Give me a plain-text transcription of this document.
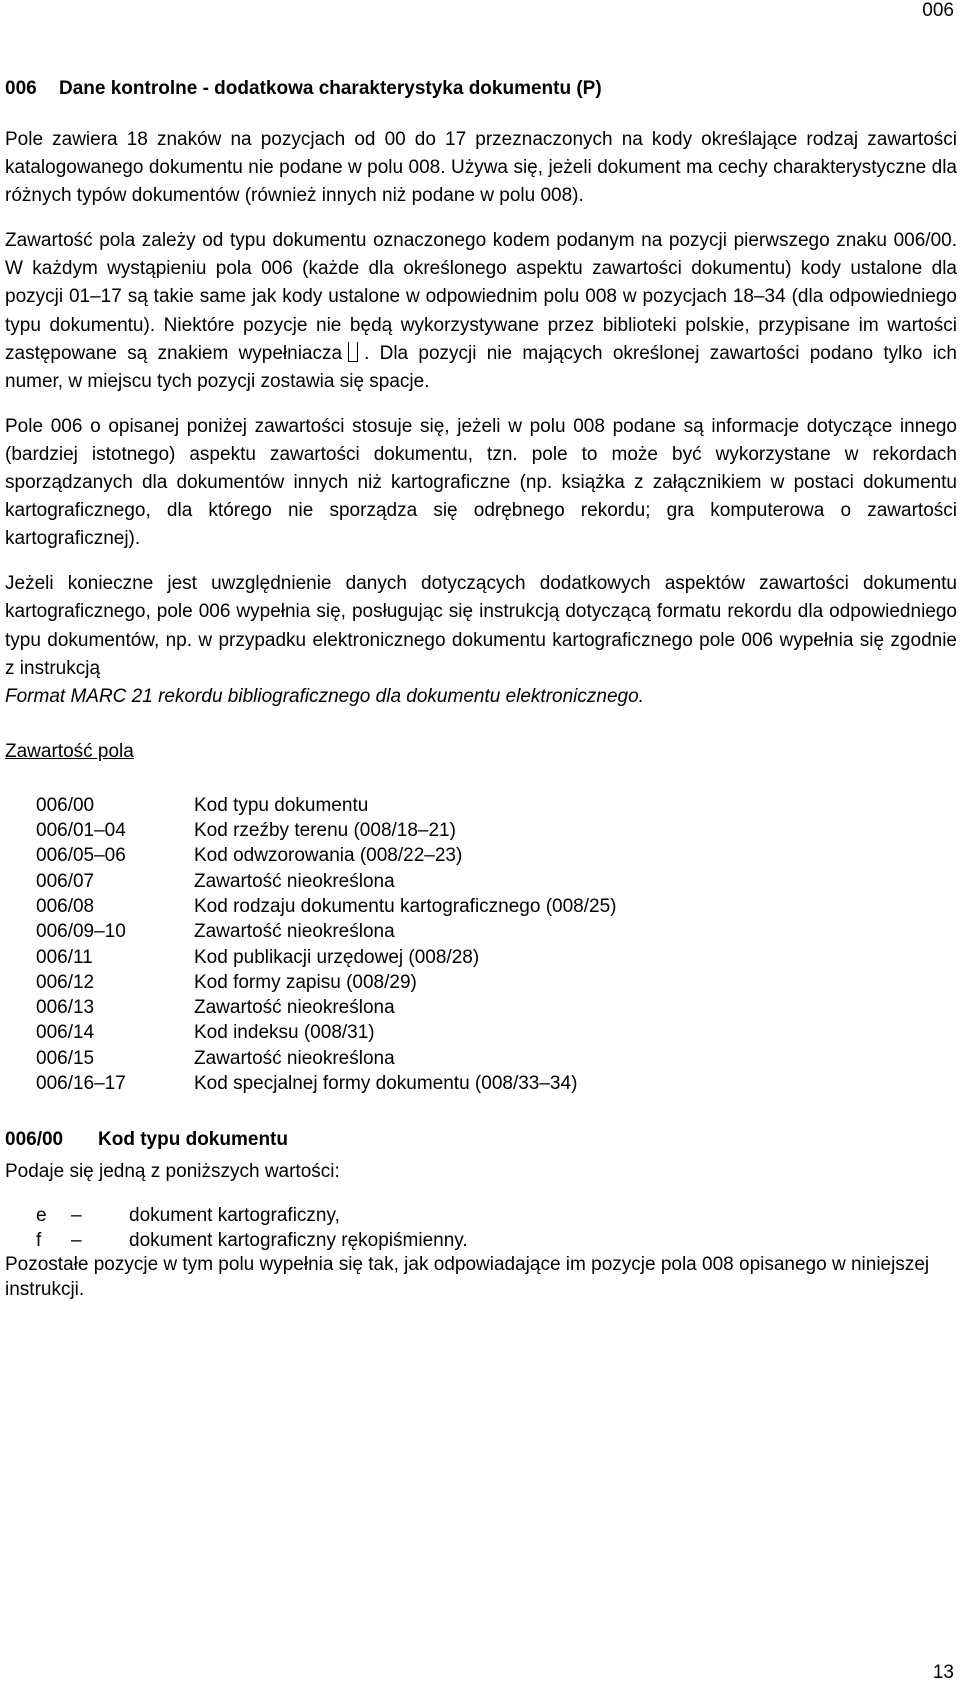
006
006	Dane kontrolne - dodatkowa charakterystyka dokumentu (P)

Pole zawiera 18 znaków na pozycjach od 00 do 17 przeznaczonych na kody określające rodzaj zawartości katalogowanego dokumentu nie podane w polu 008. Używa się, jeżeli dokument ma cechy charakterystyczne dla różnych typów dokumentów (również innych niż podane w polu 008).

Zawartość pola zależy od typu dokumentu oznaczonego kodem podanym na pozycji pierwszego znaku 006/00. W każdym wystąpieniu pola 006 (każde dla określonego aspektu zawartości dokumentu) kody ustalone dla pozycji 01–17 są takie same jak kody ustalone w odpowiednim polu 008 w pozycjach 18–34 (dla odpowiedniego typu dokumentu). Niektóre pozycje nie będą wykorzystywane przez biblioteki polskie, przypisane im wartości zastępowane są znakiem wypełniacza . Dla pozycji nie mających określonej zawartości podano tylko ich numer, w miejscu tych pozycji zostawia się spacje.

Pole 006 o opisanej poniżej zawartości stosuje się, jeżeli w polu 008 podane są informacje dotyczące innego (bardziej istotnego) aspektu zawartości dokumentu, tzn. pole to może być wykorzystane w rekordach sporządzanych dla dokumentów innych niż kartograficzne (np. książka z załącznikiem w postaci dokumentu kartograficznego, dla którego nie sporządza się odrębnego rekordu; gra komputerowa o zawartości kartograficznej).

Jeżeli konieczne jest uwzględnienie danych dotyczących dodatkowych aspektów zawartości dokumentu kartograficznego, pole 006 wypełnia się, posługując się instrukcją dotyczącą formatu rekordu dla odpowiedniego typu dokumentów, np. w przypadku elektronicznego dokumentu kartograficznego pole 006 wypełnia się zgodnie z instrukcją
Format MARC 21 rekordu bibliograficznego dla dokumentu elektronicznego.

Zawartość pola
006/00	Kod typu dokumentu
006/01–04	Kod rzeźby terenu (008/18–21)
006/05–06	Kod odwzorowania (008/22–23)
006/07	Zawartość nieokreślona
006/08	Kod rodzaju dokumentu kartograficznego (008/25)
006/09–10	Zawartość nieokreślona
006/11	Kod publikacji urzędowej (008/28)
006/12	Kod formy zapisu (008/29)
006/13	Zawartość nieokreślona
006/14	Kod indeksu (008/31)
006/15	Zawartość nieokreślona
006/16–17	Kod specjalnej formy dokumentu (008/33–34)
006/00	Kod typu dokumentu
Podaje się jedną z poniższych wartości:
e	–	dokument kartograficzny,
f	–	dokument kartograficzny rękopiśmienny.
Pozostałe pozycje w tym polu wypełnia się tak, jak odpowiadające im pozycje pola 008 opisanego w niniejszej instrukcji.
13
